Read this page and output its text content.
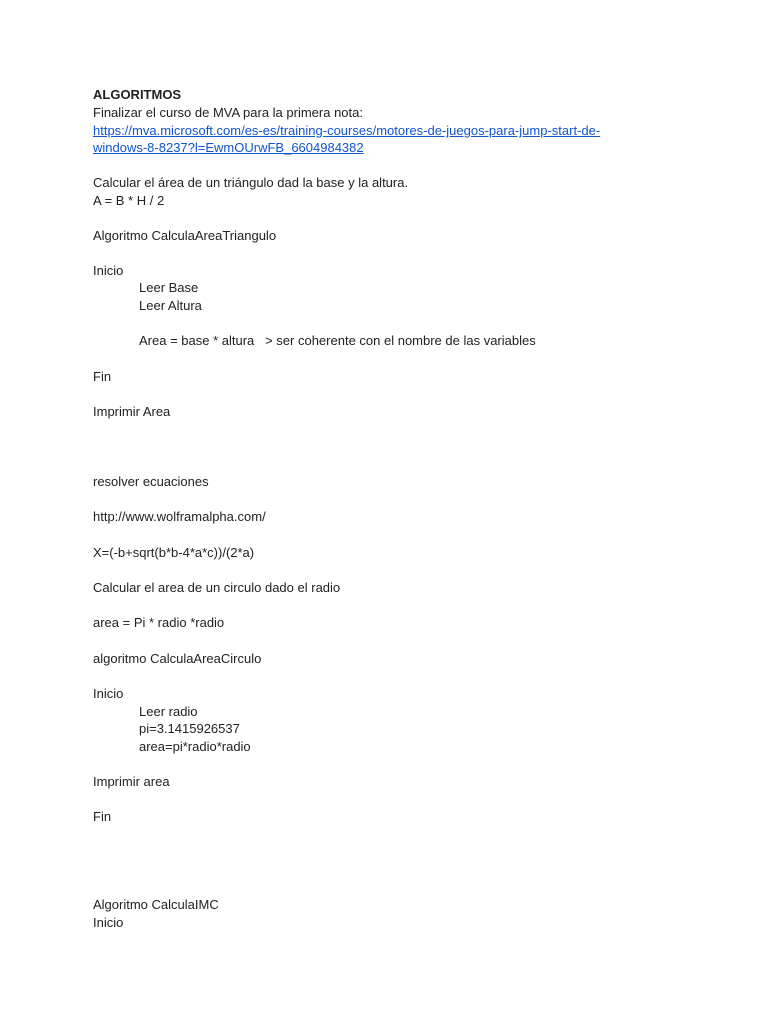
ALGORITMOS
Finalizar el curso de MVA para la primera nota:
https://mva.microsoft.com/es-es/training-courses/motores-de-juegos-para-jump-start-de-
windows-8-8237?l=EwmOUrwFB_6604984382
Calcular el área de un triángulo dad la base y la altura.
A = B * H / 2
Algoritmo CalculaAreaTriangulo
Inicio
Leer Base
Leer Altura
Area = base * altura   > ser coherente con el nombre de las variables
Fin
Imprimir Area
resolver ecuaciones
http://www.wolframalpha.com/
X=(-b+sqrt(b*b-4*a*c))/(2*a)
Calcular el area de un circulo dado el radio
area = Pi * radio *radio
algoritmo CalculaAreaCirculo
Inicio
Leer radio
pi=3.1415926537
area=pi*radio*radio
Imprimir area
Fin
Algoritmo CalculaIMC
Inicio
